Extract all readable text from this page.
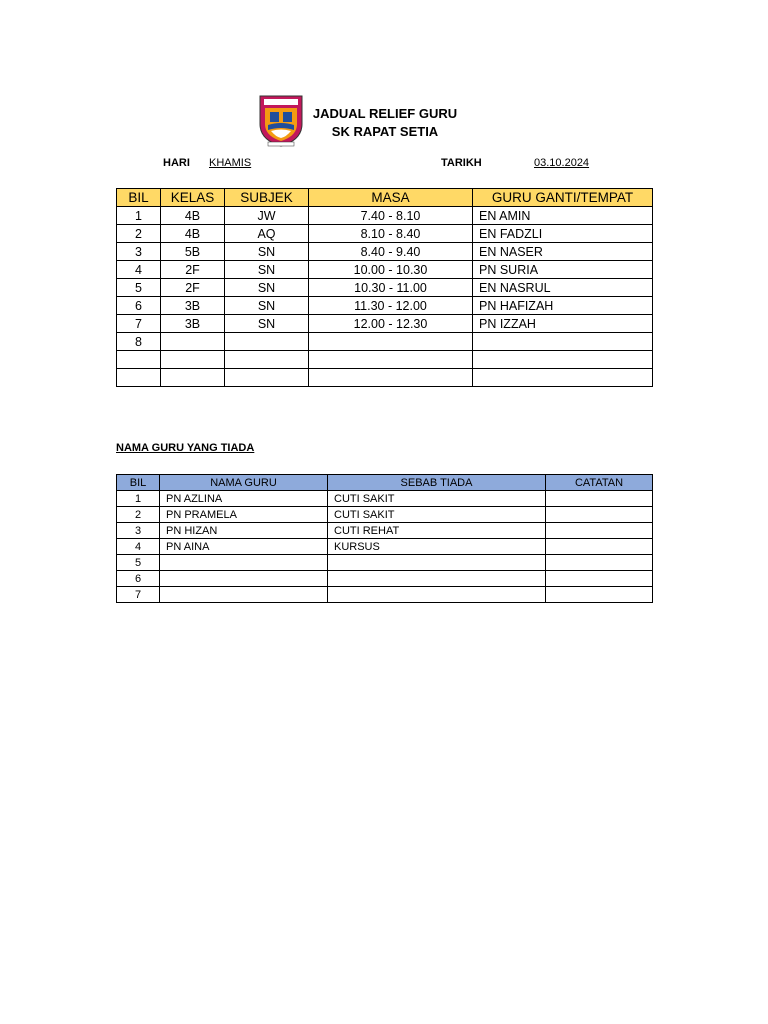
JADUAL RELIEF GURU
SK RAPAT SETIA
HARI KHAMIS	TARIKH	03.10.2024
BIL	KELAS	SUBJEK	MASA	GURU GANTI/TEMPAT
1	4B	JW	7.40 - 8.10	EN AMIN
2	4B	AQ	8.10 - 8.40	EN FADZLI
3	5B	SN	8.40 - 9.40	EN NASER
4	2F	SN	10.00 - 10.30	PN SURIA
5	2F	SN	10.30 - 11.00	EN NASRUL
6	3B	SN	11.30 - 12.00	PN HAFIZAH
7	3B	SN	12.00 - 12.30	PN IZZAH
8				

NAMA GURU YANG TIADA
BIL	NAMA GURU	SEBAB TIADA	CATATAN
1	PN AZLINA	CUTI SAKIT	
2	PN PRAMELA	CUTI SAKIT	
3	PN HIZAN	CUTI REHAT	
4	PN AINA	KURSUS	
5			
6			
7			
